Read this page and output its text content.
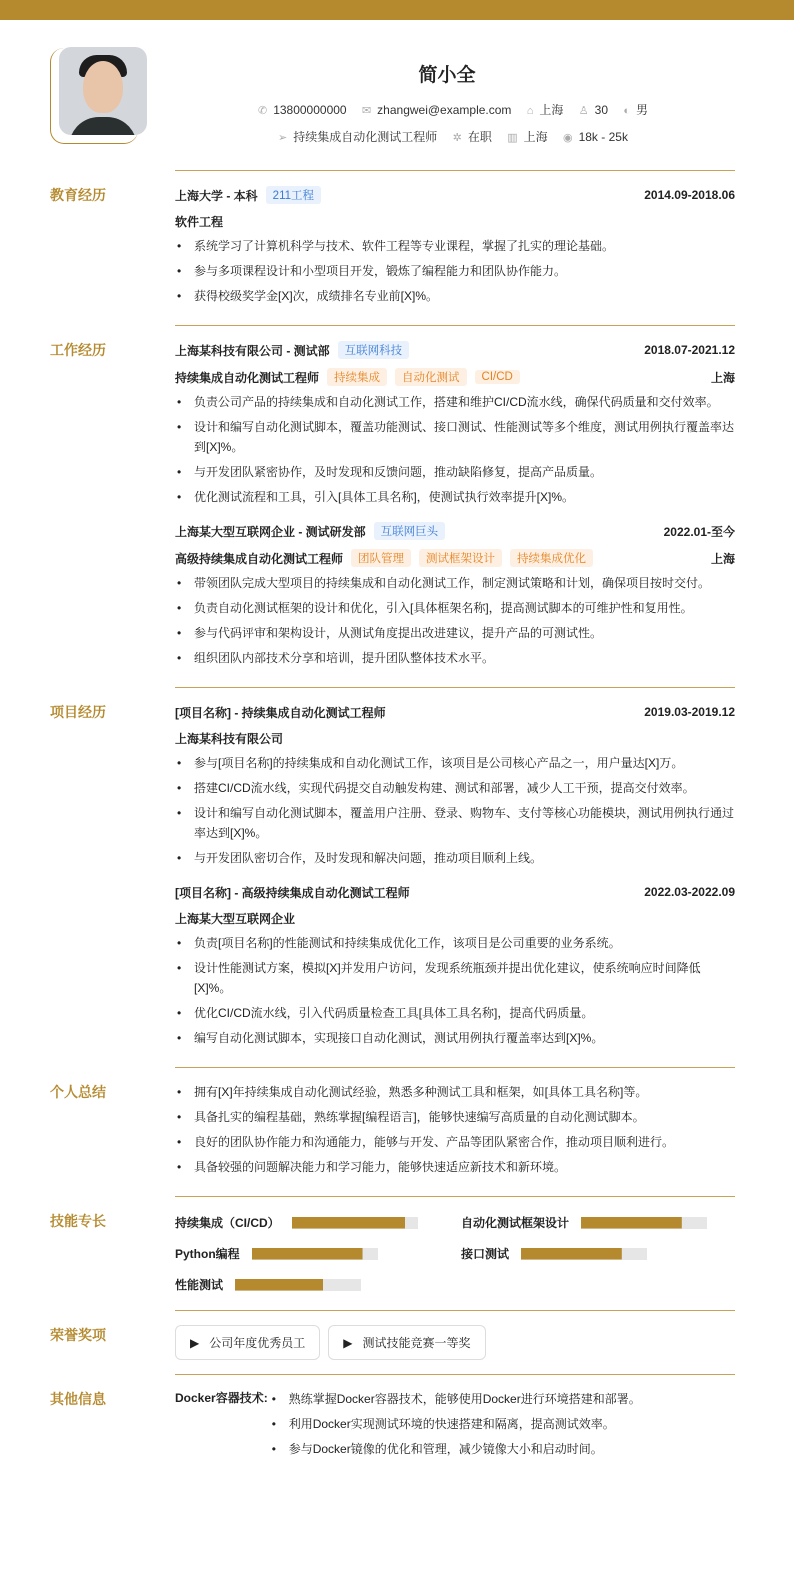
简小全
✆ 13800000000 ✉ zhangwei@example.com ⌂ 上海 ♙ 30 ◐ 男
➢ 持续集成自动化测试工程师 ✲ 在职 ▥ 上海 ◉ 18k - 25k
教育经历	上海大学 - 本科	211工程	2014.09-2018.06
软件工程
• 系统学习了计算机科学与技术、软件工程等专业课程，掌握了扎实的理论基础。
• 参与多项课程设计和小型项目开发，锻炼了编程能力和团队协作能力。
• 获得校级奖学金[X]次，成绩排名专业前[X]%。
工作经历	上海某科技有限公司 - 测试部	互联网科技	2018.07-2021.12
持续集成自动化测试工程师	持续集成	自动化测试	CI/CD	上海
• 负责公司产品的持续集成和自动化测试工作，搭建和维护CI/CD流水线，确保代码质量和交付效率。
• 设计和编写自动化测试脚本，覆盖功能测试、接口测试、性能测试等多个维度，测试用例执行覆盖率达到[X]%。
• 与开发团队紧密协作，及时发现和反馈问题，推动缺陷修复，提高产品质量。
• 优化测试流程和工具，引入[具体工具名称]，使测试执行效率提升[X]%。
上海某大型互联网企业 - 测试研发部	互联网巨头	2022.01-至今
高级持续集成自动化测试工程师	团队管理	测试框架设计	持续集成优化	上海
• 带领团队完成大型项目的持续集成和自动化测试工作，制定测试策略和计划，确保项目按时交付。
• 负责自动化测试框架的设计和优化，引入[具体框架名称]，提高测试脚本的可维护性和复用性。
• 参与代码评审和架构设计，从测试角度提出改进建议，提升产品的可测试性。
• 组织团队内部技术分享和培训，提升团队整体技术水平。
项目经历	[项目名称] - 持续集成自动化测试工程师	2019.03-2019.12
上海某科技有限公司
• 参与[项目名称]的持续集成和自动化测试工作，该项目是公司核心产品之一，用户量达[X]万。
• 搭建CI/CD流水线，实现代码提交自动触发构建、测试和部署，减少人工干预，提高交付效率。
• 设计和编写自动化测试脚本，覆盖用户注册、登录、购物车、支付等核心功能模块，测试用例执行通过率达到[X]%。
• 与开发团队密切合作，及时发现和解决问题，推动项目顺利上线。
[项目名称] - 高级持续集成自动化测试工程师	2022.03-2022.09
上海某大型互联网企业
• 负责[项目名称]的性能测试和持续集成优化工作，该项目是公司重要的业务系统。
• 设计性能测试方案，模拟[X]并发用户访问，发现系统瓶颈并提出优化建议，使系统响应时间降低[X]%。
• 优化CI/CD流水线，引入代码质量检查工具[具体工具名称]，提高代码质量。
• 编写自动化测试脚本，实现接口自动化测试，测试用例执行覆盖率达到[X]%。
个人总结	• 拥有[X]年持续集成自动化测试经验，熟悉多种测试工具和框架，如[具体工具名称]等。
• 具备扎实的编程基础，熟练掌握[编程语言]，能够快速编写高质量的自动化测试脚本。
• 良好的团队协作能力和沟通能力，能够与开发、产品等团队紧密合作，推动项目顺利进行。
• 具备较强的问题解决能力和学习能力，能够快速适应新技术和新环境。
技能专长	持续集成（CI/CD）	自动化测试框架设计
Python编程	接口测试
性能测试
荣誉奖项	▶ 公司年度优秀员工	▶ 测试技能竞赛一等奖
其他信息	Docker容器技术:	• 熟练掌握Docker容器技术，能够使用Docker进行环境搭建和部署。
• 利用Docker实现测试环境的快速搭建和隔离，提高测试效率。
• 参与Docker镜像的优化和管理，减少镜像大小和启动时间。
